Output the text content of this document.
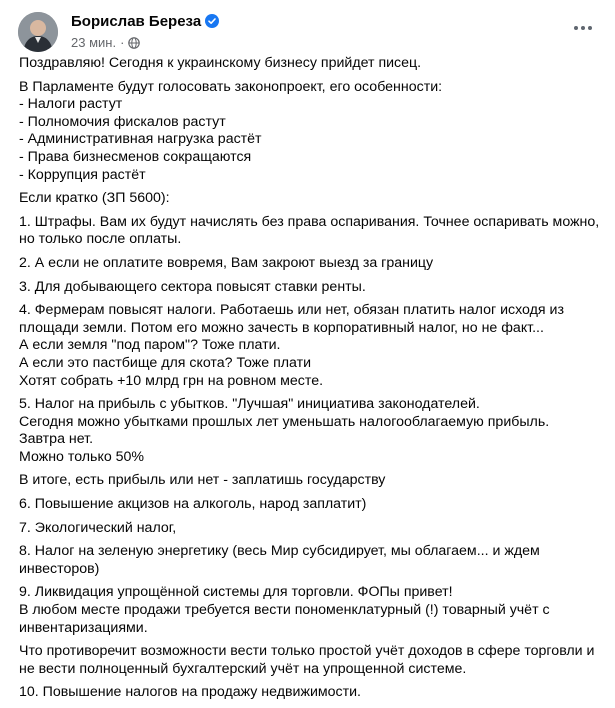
Борислав Береза
23 мин. ·

Поздравляю! Сегодня к украинскому бизнесу прийдет писец.

В Парламенте будут голосовать законопроект, его особенности:
- Налоги растут
- Полномочия фискалов растут
- Административная нагрузка растёт
- Права бизнесменов сокращаются
- Коррупция растёт

Если кратко (ЗП 5600):

1. Штрафы. Вам их будут начислять без права оспаривания. Точнее оспаривать можно, но только после оплаты.

2. А если не оплатите вовремя, Вам закроют выезд за границу

3. Для добывающего сектора повысят ставки ренты.

4. Фермерам повысят налоги. Работаешь или нет, обязан платить налог исходя из площади земли. Потом его можно зачесть в корпоративный налог, но не факт...
А если земля "под паром"? Тоже плати.
А если это пастбище для скота? Тоже плати
Хотят собрать +10 млрд грн на ровном месте.

5. Налог на прибыль с убытков. "Лучшая" инициатива законодателей.
Сегодня можно убытками прошлых лет уменьшать налогооблагаемую прибыль.
Завтра нет.
Можно только 50%

В итоге, есть прибыль или нет - заплатишь государству

6. Повышение акцизов на алкоголь, народ заплатит)

7. Экологический налог,

8. Налог на зеленую энергетику (весь Мир субсидирует, мы облагаем... и ждем инвесторов)

9. Ликвидация упрощённой системы для торговли. ФОПы привет!
В любом месте продажи требуется вести пономенклатурный (!) товарный учёт с инвентаризациями.

Что противоречит возможности вести только простой учёт доходов в сфере торговли и не вести полноценный бухгалтерский учёт на упрощенной системе.

10. Повышение налогов на продажу недвижимости.
